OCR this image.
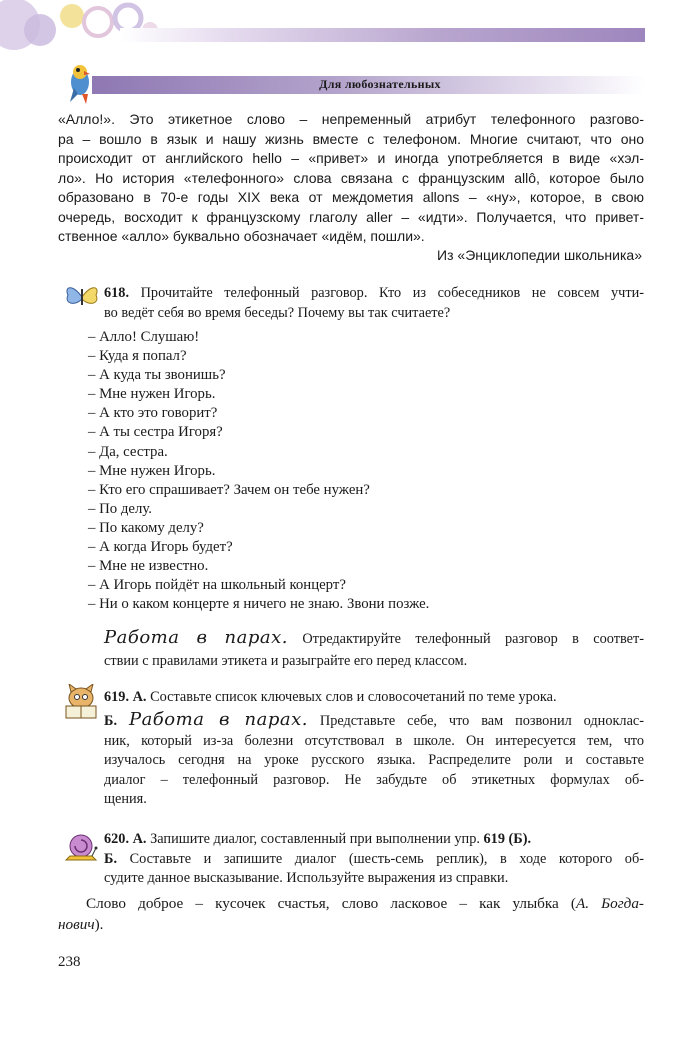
Для любознательных
«Алло!». Это этикетное слово – непременный атрибут телефонного разгово-
ра – вошло в язык и нашу жизнь вместе с телефоном. Многие считают, что оно
происходит от английского hello – «привет» и иногда употребляется в виде «хэл-
ло». Но история «телефонного» слова связана с французским allô, которое было
образовано в 70-е годы XIX века от междометия allons – «ну», которое, в свою
очередь, восходит к французскому глаголу aller – «идти». Получается, что привет-
ственное «алло» буквально обозначает «идём, пошли».
Из «Энциклопедии школьника»
618. Прочитайте телефонный разговор. Кто из собеседников не совсем учти-
во ведёт себя во время беседы? Почему вы так считаете?
– Алло! Слушаю!
– Куда я попал?
– А куда ты звонишь?
– Мне нужен Игорь.
– А кто это говорит?
– А ты сестра Игоря?
– Да, сестра.
– Мне нужен Игорь.
– Кто его спрашивает? Зачем он тебе нужен?
– По делу.
– По какому делу?
– А когда Игорь будет?
– Мне не известно.
– А Игорь пойдёт на школьный концерт?
– Ни о каком концерте я ничего не знаю. Звони позже.
Работа в парах. Отредактируйте телефонный разговор в соответ-
ствии с правилами этикета и разыграйте его перед классом.
619. А. Составьте список ключевых слов и словосочетаний по теме урока.
Б. Работа в парах. Представьте себе, что вам позвонил одноклас-
ник, который из-за болезни отсутствовал в школе. Он интересуется тем, что
изучалось сегодня на уроке русского языка. Распределите роли и составьте
диалог – телефонный разговор. Не забудьте об этикетных формулах об-
щения.
620. А. Запишите диалог, составленный при выполнении упр. 619 (Б).
Б. Составьте и запишите диалог (шесть-семь реплик), в ходе которого об-
судите данное высказывание. Используйте выражения из справки.
Слово доброе – кусочек счастья, слово ласковое – как улыбка (А. Богда-
нович).
238
